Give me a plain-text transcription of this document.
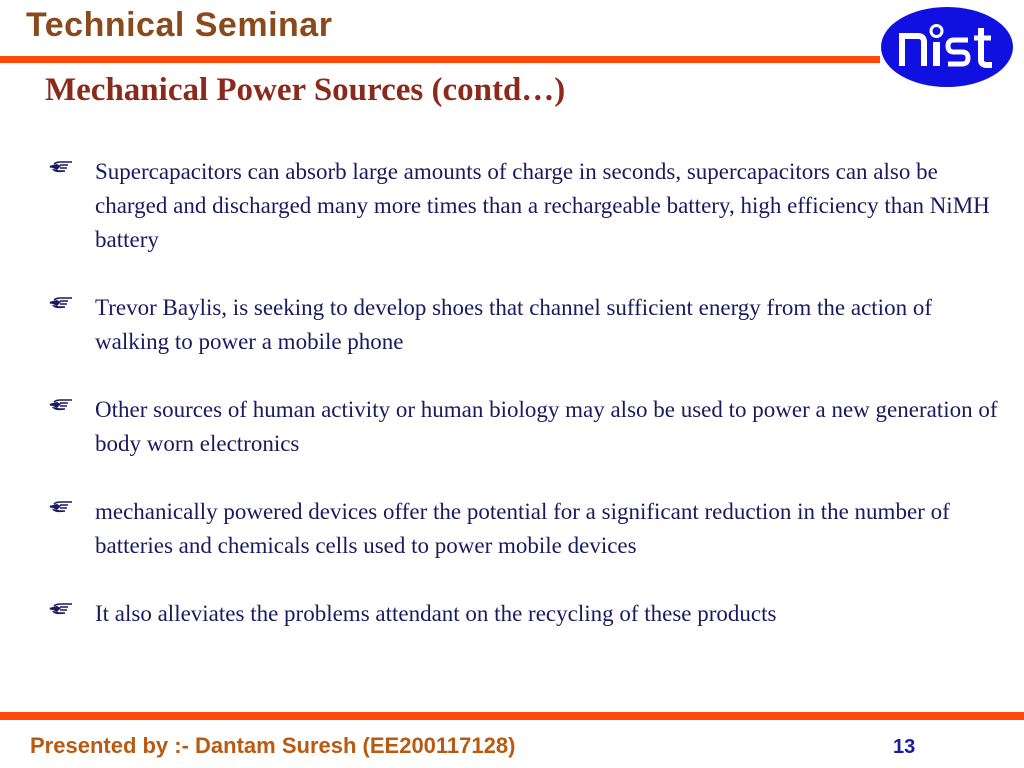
Technical Seminar
Mechanical Power Sources (contd…)
Supercapacitors can absorb large amounts of charge in seconds, supercapacitors can also be charged and discharged many more times than a rechargeable battery, high efficiency than NiMH battery
Trevor Baylis, is seeking to develop shoes that channel sufficient energy from the action of walking to power a mobile phone
Other sources of human activity or human biology may also be used to power a new generation of body worn electronics
mechanically powered devices offer the potential for a significant reduction in the number of batteries and chemicals cells used to power mobile devices
It also alleviates the problems attendant on the recycling of these products
Presented by :- Dantam Suresh (EE200117128)	13
